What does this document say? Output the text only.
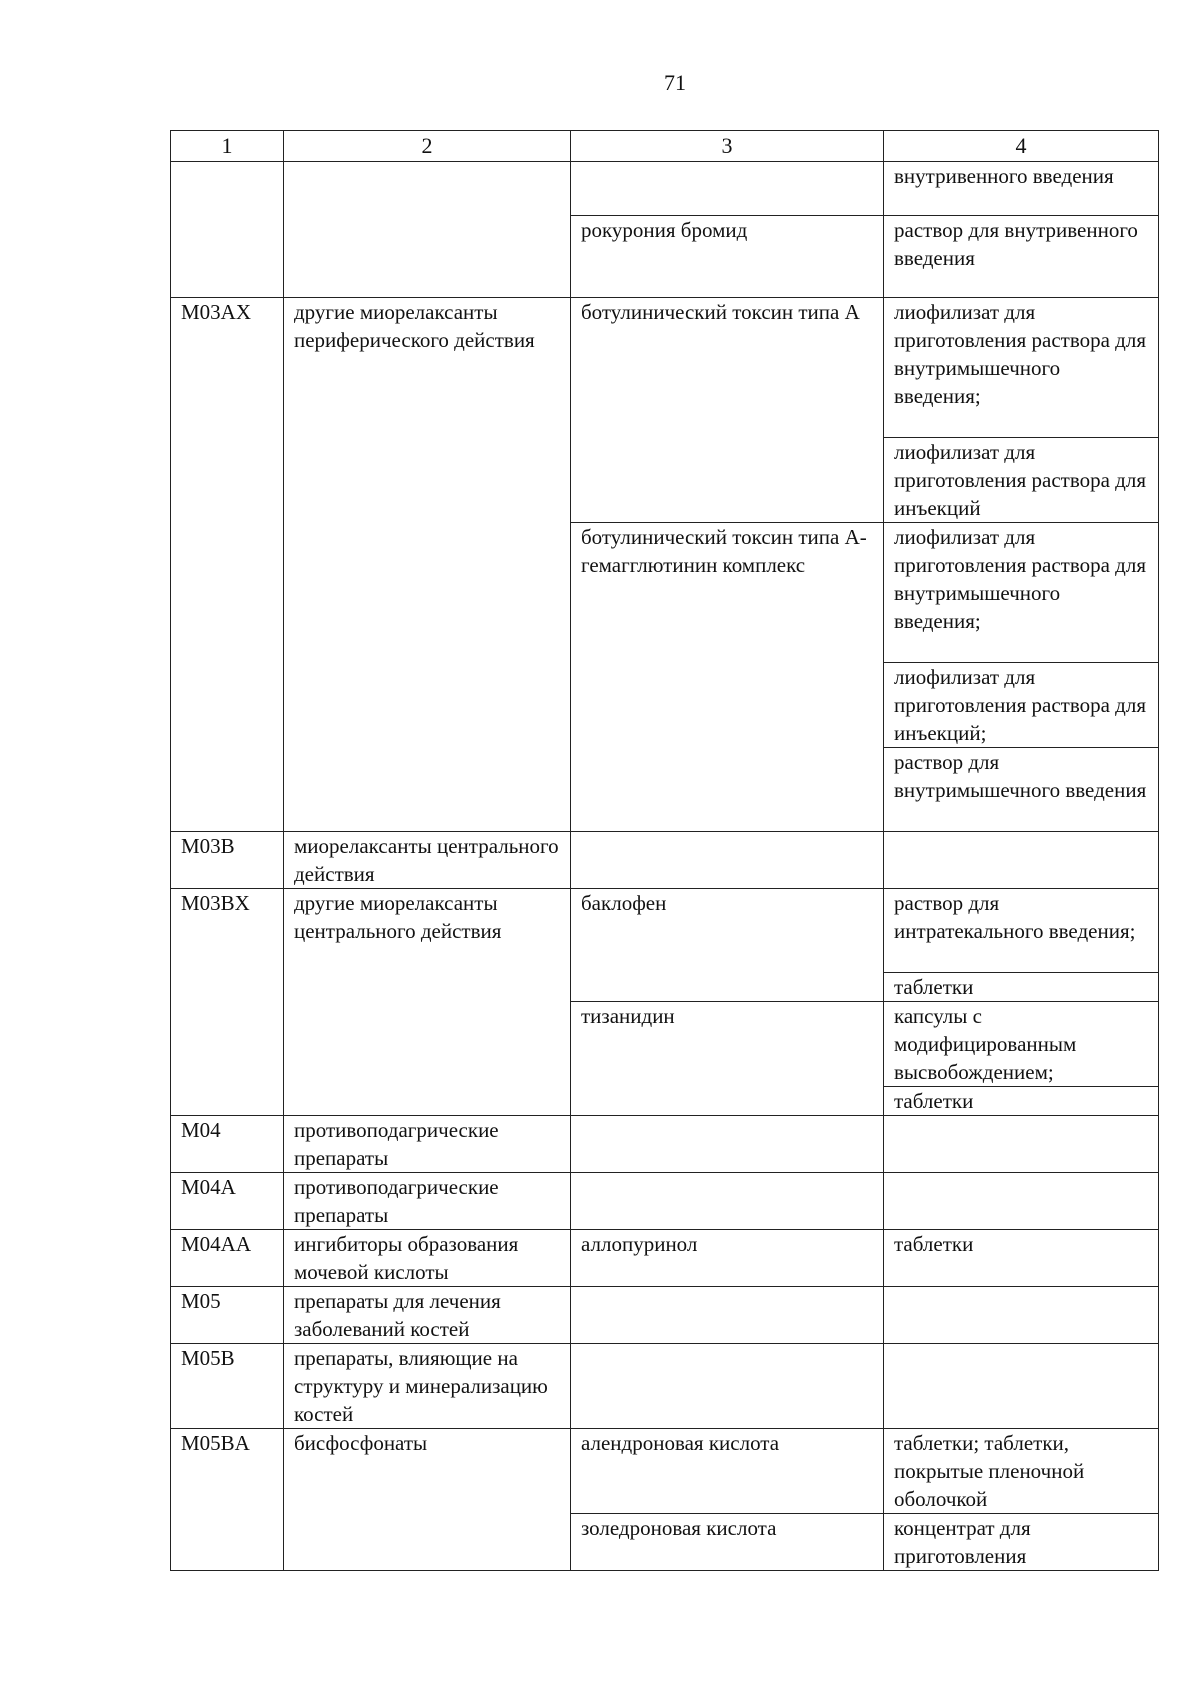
71
1	2	3	4
			внутривенного введения
		рокурония бромид	раствор для внутривенного введения
M03AX	другие миорелаксанты периферического действия	ботулинический токсин типа А	лиофилизат для приготовления раствора для внутримышечного введения;
			лиофилизат для приготовления раствора для инъекций
		ботулинический токсин типа А-гемагглютинин комплекс	лиофилизат для приготовления раствора для внутримышечного введения;
			лиофилизат для приготовления раствора для инъекций;
			раствор для внутримышечного введения
M03B	миорелаксанты центрального действия		
M03BX	другие миорелаксанты центрального действия	баклофен	раствор для интратекального введения;
			таблетки
		тизанидин	капсулы с модифицированным высвобождением;
			таблетки
M04	противоподагрические препараты		
M04A	противоподагрические препараты		
M04AA	ингибиторы образования мочевой кислоты	аллопуринол	таблетки
M05	препараты для лечения заболеваний костей		
M05B	препараты, влияющие на структуру и минерализацию костей		
M05BA	бисфосфонаты	алендроновая кислота	таблетки; таблетки, покрытые пленочной оболочкой
		золедроновая кислота	концентрат для приготовления
